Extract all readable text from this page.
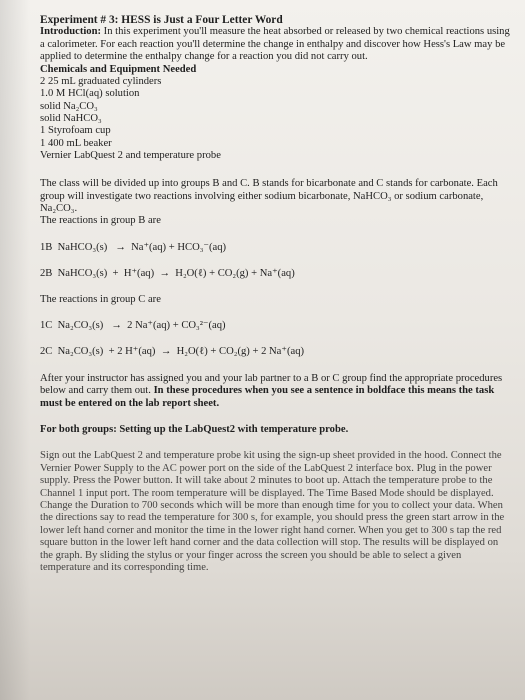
Experiment # 3: HESS is Just a Four Letter Word

Introduction: In this experiment you'll measure the heat absorbed or released by two chemical reactions using a calorimeter. For each reaction you'll determine the change in enthalpy and discover how Hess's Law may be applied to determine the enthalpy change for a reaction you did not carry out.

Chemicals and Equipment Needed

2 25 mL graduated cylinders
1.0 M HCl(aq) solution
solid Na₂CO₃
solid NaHCO₃
1 Styrofoam cup
1 400 mL beaker
Vernier LabQuest 2 and temperature probe

The class will be divided up into groups B and C. B stands for bicarbonate and C stands for carbonate. Each group will investigate two reactions involving either sodium bicarbonate, NaHCO₃ or sodium carbonate, Na₂CO₃.

The reactions in group B are

1B  NaHCO₃(s)   →  Na⁺(aq) + HCO₃⁻(aq)

2B  NaHCO₃(s)  +  H⁺(aq)  →  H₂O(ℓ) + CO₂(g) + Na⁺(aq)

The reactions in group C are

1C  Na₂CO₃(s)   →  2 Na⁺(aq) + CO₃²⁻(aq)

2C  Na₂CO₃(s)  + 2 H⁺(aq)  →  H₂O(ℓ) + CO₂(g) + 2 Na⁺(aq)

After your instructor has assigned you and your lab partner to a B or C group find the appropriate procedures below and carry them out. In these procedures when you see a sentence in boldface this means the task must be entered on the lab report sheet.

For both groups: Setting up the LabQuest2 with temperature probe.

Sign out the LabQuest 2 and temperature probe kit using the sign-up sheet provided in the hood. Connect the Vernier Power Supply to the AC power port on the side of the LabQuest 2 interface box. Plug in the power supply. Press the Power button. It will take about 2 minutes to boot up. Attach the temperature probe to the Channel 1 input port. The room temperature will be displayed. The Time Based Mode should be displayed. Change the Duration to 700 seconds which will be more than enough time for you to collect your data. When the directions say to read the temperature for 300 s, for example, you should press the green start arrow in the lower left hand corner and monitor the time in the lower right hand corner. When you get to 300 s tap the red square button in the lower left hand corner and the data collection will stop. The results will be displayed on the graph. By sliding the stylus or your finger across the screen you should be able to select a given temperature and its corresponding time.
